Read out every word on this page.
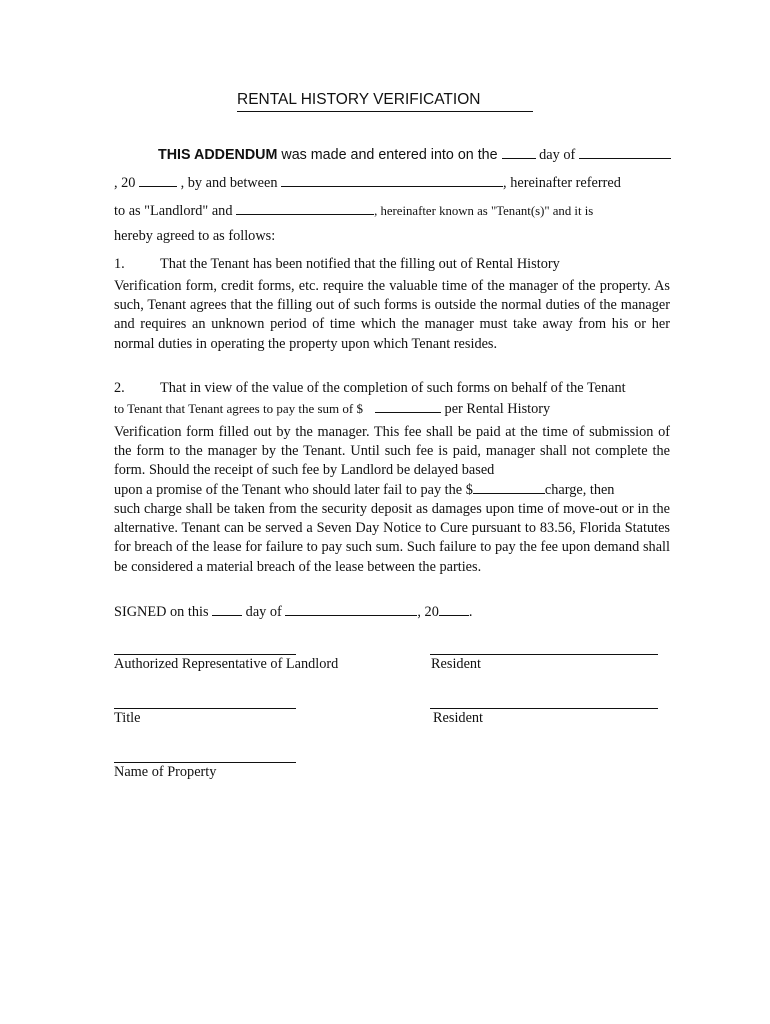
RENTAL HISTORY VERIFICATION
THIS ADDENDUM was made and entered into on the  day of
, 20	, by and between	, hereinafter referred
to as "Landlord" and	, hereinafter known as "Tenant(s)" and it is
hereby agreed to as follows:
1. That the Tenant has been notified that the filling out of Rental History
Verification form, credit forms, etc. require the valuable time of the manager of the property. As such, Tenant agrees that the filling out of such forms is outside the normal duties of the manager and requires an unknown period of time which the manager must take away from his or her normal duties in operating the property upon which Tenant resides.
2. That in view of the value of the completion of such forms on behalf of the Tenant
to Tenant that Tenant agrees to pay the sum of $	per Rental History
Verification form filled out by the manager. This fee shall be paid at the time of submission of the form to the manager by the Tenant. Until such fee is paid, manager shall not complete the form. Should the receipt of such fee by Landlord be delayed based
upon a promise of the Tenant who should later fail to pay the $	charge, then
such charge shall be taken from the security deposit as damages upon time of move-out or in the alternative. Tenant can be served a Seven Day Notice to Cure pursuant to 83.56, Florida Statutes for breach of the lease for failure to pay such sum. Such failure to pay the fee upon demand shall be considered a material breach of the lease between the parties.
SIGNED on this  day of	, 20 .
Authorized Representative of Landlord	Resident
Title	Resident
Name of Property
